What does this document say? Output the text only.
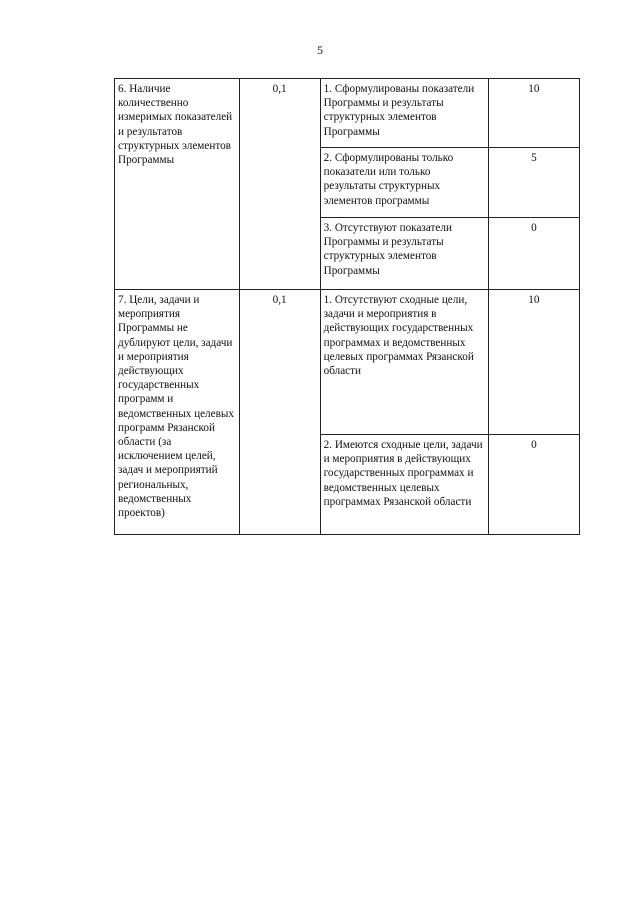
5
6. Наличие количественно измеримых показателей и результатов структурных элементов Программы	0,1		1. Сформулированы показатели Программы и результаты структурных элементов Программы	10
		2. Сформулированы только показатели или только результаты структурных элементов программы	5
		3. Отсутствуют показатели Программы и результаты структурных элементов Программы	0
7. Цели, задачи и мероприятия Программы не дублируют цели, задачи и мероприятия действующих государственных программ и ведомственных целевых программ Рязанской области (за исключением целей, задач и мероприятий региональных, ведомственных проектов)	0,1		1. Отсутствуют сходные цели, задачи и мероприятия в действующих государственных программах и ведомственных целевых программах Рязанской области	10
		2. Имеются сходные цели, задачи и мероприятия в действующих государственных программах и ведомственных целевых программах Рязанской области	0
